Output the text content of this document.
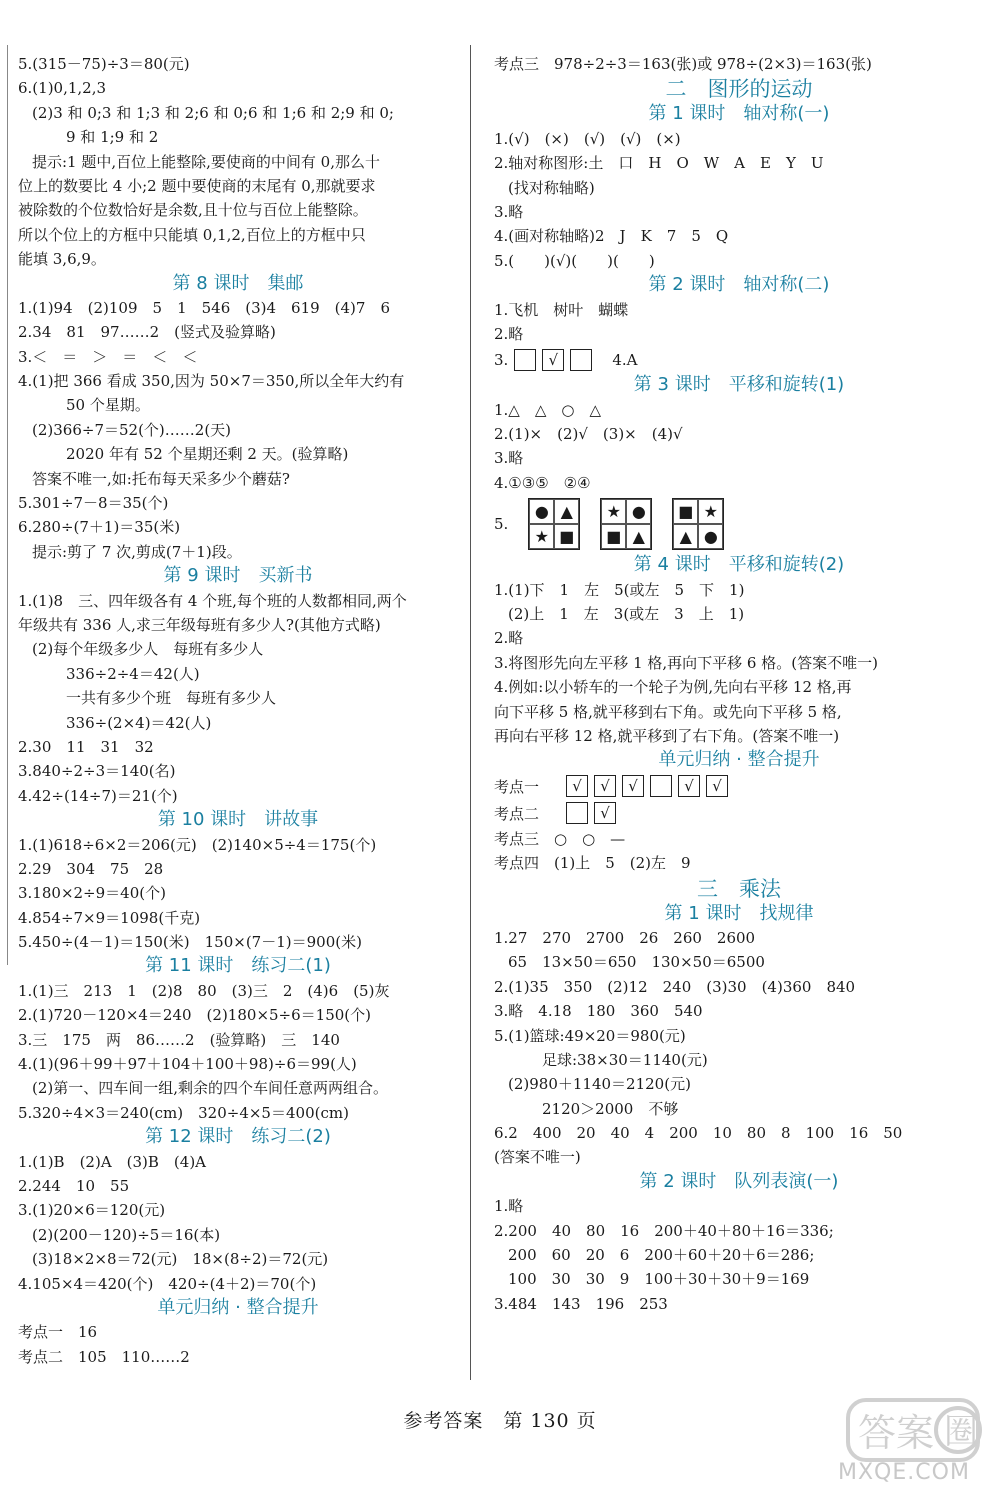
5.(315－75)÷3＝80(元)
6.(1)0,1,2,3
(2)3 和 0;3 和 1;3 和 2;6 和 0;6 和 1;6 和 2;9 和 0;
9 和 1;9 和 2
提示:1 题中,百位上能整除,要使商的中间有 0,那么十
位上的数要比 4 小;2 题中要使商的末尾有 0,那就要求
被除数的个位数恰好是余数,且十位与百位上能整除。
所以个位上的方框中只能填 0,1,2,百位上的方框中只
能填 3,6,9。
第 8 课时　集邮
1.(1)94　(2)109　5　1　546　(3)4　619　(4)7　6
2.34　81　97……2　(竖式及验算略)
3.＜　＝　＞　＝　＜　＜
4.(1)把 366 看成 350,因为 50×7＝350,所以全年大约有
50 个星期。
(2)366÷7＝52(个)……2(天)
2020 年有 52 个星期还剩 2 天。(验算略)
答案不唯一,如:托布每天采多少个蘑菇?
5.301÷7－8＝35(个)
6.280÷(7＋1)＝35(米)
提示:剪了 7 次,剪成(7＋1)段。
第 9 课时　买新书
1.(1)8　三、四年级各有 4 个班,每个班的人数都相同,两个
年级共有 336 人,求三年级每班有多少人?(其他方式略)
(2)每个年级多少人　每班有多少人
336÷2÷4＝42(人)
一共有多少个班　每班有多少人
336÷(2×4)＝42(人)
2.30　11　31　32
3.840÷2÷3＝140(名)
4.42÷(14÷7)＝21(个)
第 10 课时　讲故事
1.(1)618÷6×2＝206(元)　(2)140×5÷4＝175(个)
2.29　304　75　28
3.180×2÷9＝40(个)
4.854÷7×9＝1098(千克)
5.450÷(4－1)＝150(米)　150×(7－1)＝900(米)
第 11 课时　练习二(1)
1.(1)三　213　1　(2)8　80　(3)三　2　(4)6　(5)灰
2.(1)720－120×4＝240　(2)180×5÷6＝150(个)
3.三　175　两　86……2　(验算略)　三　140
4.(1)(96＋99＋97＋104＋100＋98)÷6＝99(人)
(2)第一、四车间一组,剩余的四个车间任意两两组合。
5.320÷4×3＝240(cm)　320÷4×5＝400(cm)
第 12 课时　练习二(2)
1.(1)B　(2)A　(3)B　(4)A
2.244　10　55
3.(1)20×6＝120(元)
(2)(200－120)÷5＝16(本)
(3)18×2×8＝72(元)　18×(8÷2)＝72(元)
4.105×4＝420(个)　420÷(4＋2)＝70(个)
单元归纳 · 整合提升
考点一　16
考点二　105　110……2
考点三　978÷2÷3＝163(张)或 978÷(2×3)＝163(张)
二　图形的运动
第 1 课时　轴对称(一)
1.(√)　(×)　(√)　(√)　(×)
2.轴对称图形:土　口　H　O　W　A　E　Y　U
(找对称轴略)
3.略
4.(画对称轴略)2　J　K　7　5　Q
5.(　　)(√)(　　)(　　)
第 2 课时　轴对称(二)
1.飞机　树叶　蝴蝶
2.略
3.	√	4.A
第 3 课时　平移和旋转(1)
1.△　△　○　△
2.(1)×　(2)√　(3)×　(4)√
3.略
4.①③⑤　②④
5.
● ▲
★ ■
★ ●
■ ▲
■ ★
▲ ●
第 4 课时　平移和旋转(2)
1.(1)下　1　左　5(或左　5　下　1)
(2)上　1　左　3(或左　3　上　1)
2.略
3.将图形先向左平移 1 格,再向下平移 6 格。(答案不唯一)
4.例如:以小轿车的一个轮子为例,先向右平移 12 格,再
向下平移 5 格,就平移到右下角。或先向下平移 5 格,
再向右平移 12 格,就平移到了右下角。(答案不唯一)
单元归纳 · 整合提升
考点一	√	√	√	√	√
考点二	√
考点三　○　○　—
考点四　(1)上　5　(2)左　9
三　乘法
第 1 课时　找规律
1.27　270　2700　26　260　2600
65　13×50＝650　130×50＝6500
2.(1)35　350　(2)12　240　(3)30　(4)360　840
3.略　4.18　180　360　540
5.(1)篮球:49×20＝980(元)
足球:38×30＝1140(元)
(2)980＋1140＝2120(元)
2120＞2000　不够
6.2　400　20　40　4　200　10　80　8　100　16　50
(答案不唯一)
第 2 课时　队列表演(一)
1.略
2.200　40　80　16　200＋40＋80＋16＝336;
200　60　20　6　200＋60＋20＋6＝286;
100　30　30　9　100＋30＋30＋9＝169
3.484　143　196　253
参考答案　第 130 页	答案 圈
MXQE.COM
